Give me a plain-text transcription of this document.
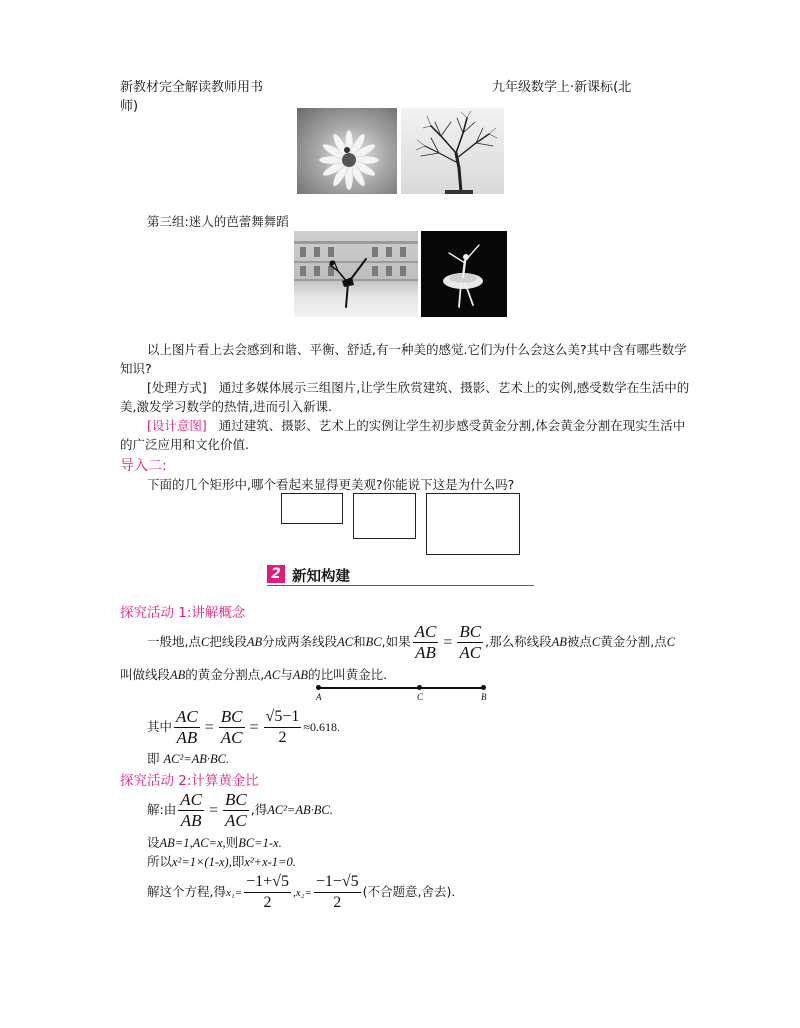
新教材完全解读教师用书
师)
九年级数学上·新课标(北
第三组:迷人的芭蕾舞舞蹈
以上图片看上去会感到和谐、平衡、舒适,有一种美的感觉.它们为什么会这么美?其中含有哪些数学
知识?
[处理方式] 通过多媒体展示三组图片,让学生欣赏建筑、摄影、艺术上的实例,感受数学在生活中的
美,激发学习数学的热情,进而引入新课.
[设计意图] 通过建筑、摄影、艺术上的实例让学生初步感受黄金分割,体会黄金分割在现实生活中
的广泛应用和文化价值.
导入二:
下面的几个矩形中,哪个看起来显得更美观?你能说下这是为什么吗?
2 新知构建
探究活动 1:讲解概念
一般地,点C把线段AB分成两条线段AC和BC,如果 $\frac{AC}{AB} = \frac{BC}{AC}$ ,那么称线段AB被点C黄金分割,点C
叫做线段AB的黄金分割点,AC与AB的比叫黄金比.
A	C	B
其中 $\frac{AC}{AB} = \frac{BC}{AC} = \frac{√5-1}{2} \approx 0.618$.
即 AC²=AB·BC.
探究活动 2:计算黄金比
解:由 $\frac{AC}{AB} = \frac{BC}{AC}$ ,得AC²=AB·BC.
设AB=1,AC=x,则BC=1-x.
所以x²=1×(1-x),即x²+x-1=0.
解这个方程,得$x_1= \frac{-1+√5}{2} ,x_2= \frac{-1-√5}{2}$ (不合题意,舍去).
